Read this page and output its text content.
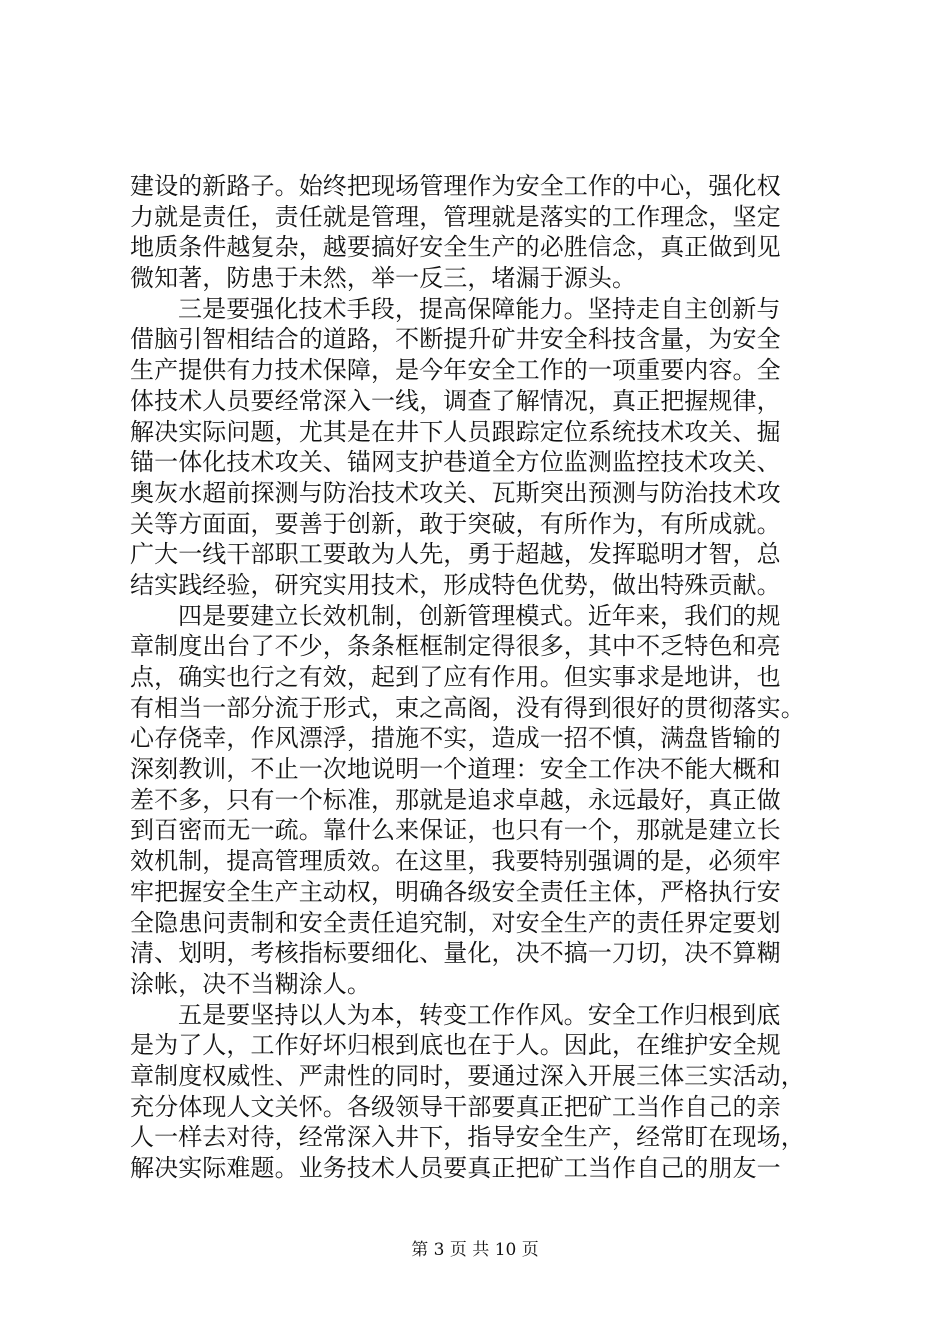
建设的新路子。始终把现场管理作为安全工作的中心，强化权
力就是责任，责任就是管理，管理就是落实的工作理念，坚定
地质条件越复杂，越要搞好安全生产的必胜信念，真正做到见
微知著，防患于未然，举一反三，堵漏于源头。
三是要强化技术手段，提高保障能力。坚持走自主创新与
借脑引智相结合的道路，不断提升矿井安全科技含量，为安全
生产提供有力技术保障，是今年安全工作的一项重要内容。全
体技术人员要经常深入一线，调查了解情况，真正把握规律，
解决实际问题，尤其是在井下人员跟踪定位系统技术攻关、掘
锚一体化技术攻关、锚网支护巷道全方位监测监控技术攻关、
奥灰水超前探测与防治技术攻关、瓦斯突出预测与防治技术攻
关等方面面，要善于创新，敢于突破，有所作为，有所成就。
广大一线干部职工要敢为人先，勇于超越，发挥聪明才智，总
结实践经验，研究实用技术，形成特色优势，做出特殊贡献。
四是要建立长效机制，创新管理模式。近年来，我们的规
章制度出台了不少，条条框框制定得很多，其中不乏特色和亮
点，确实也行之有效，起到了应有作用。但实事求是地讲，也
有相当一部分流于形式，束之高阁，没有得到很好的贯彻落实。
心存侥幸，作风漂浮，措施不实，造成一招不慎，满盘皆输的
深刻教训，不止一次地说明一个道理：安全工作决不能大概和
差不多，只有一个标准，那就是追求卓越，永远最好，真正做
到百密而无一疏。靠什么来保证，也只有一个，那就是建立长
效机制，提高管理质效。在这里，我要特别强调的是，必须牢
牢把握安全生产主动权，明确各级安全责任主体，严格执行安
全隐患问责制和安全责任追究制，对安全生产的责任界定要划
清、划明，考核指标要细化、量化，决不搞一刀切，决不算糊
涂帐，决不当糊涂人。
五是要坚持以人为本，转变工作作风。安全工作归根到底
是为了人，工作好坏归根到底也在于人。因此，在维护安全规
章制度权威性、严肃性的同时，要通过深入开展三体三实活动，
充分体现人文关怀。各级领导干部要真正把矿工当作自己的亲
人一样去对待，经常深入井下，指导安全生产，经常盯在现场，
解决实际难题。业务技术人员要真正把矿工当作自己的朋友一
第 3 页 共 10 页
